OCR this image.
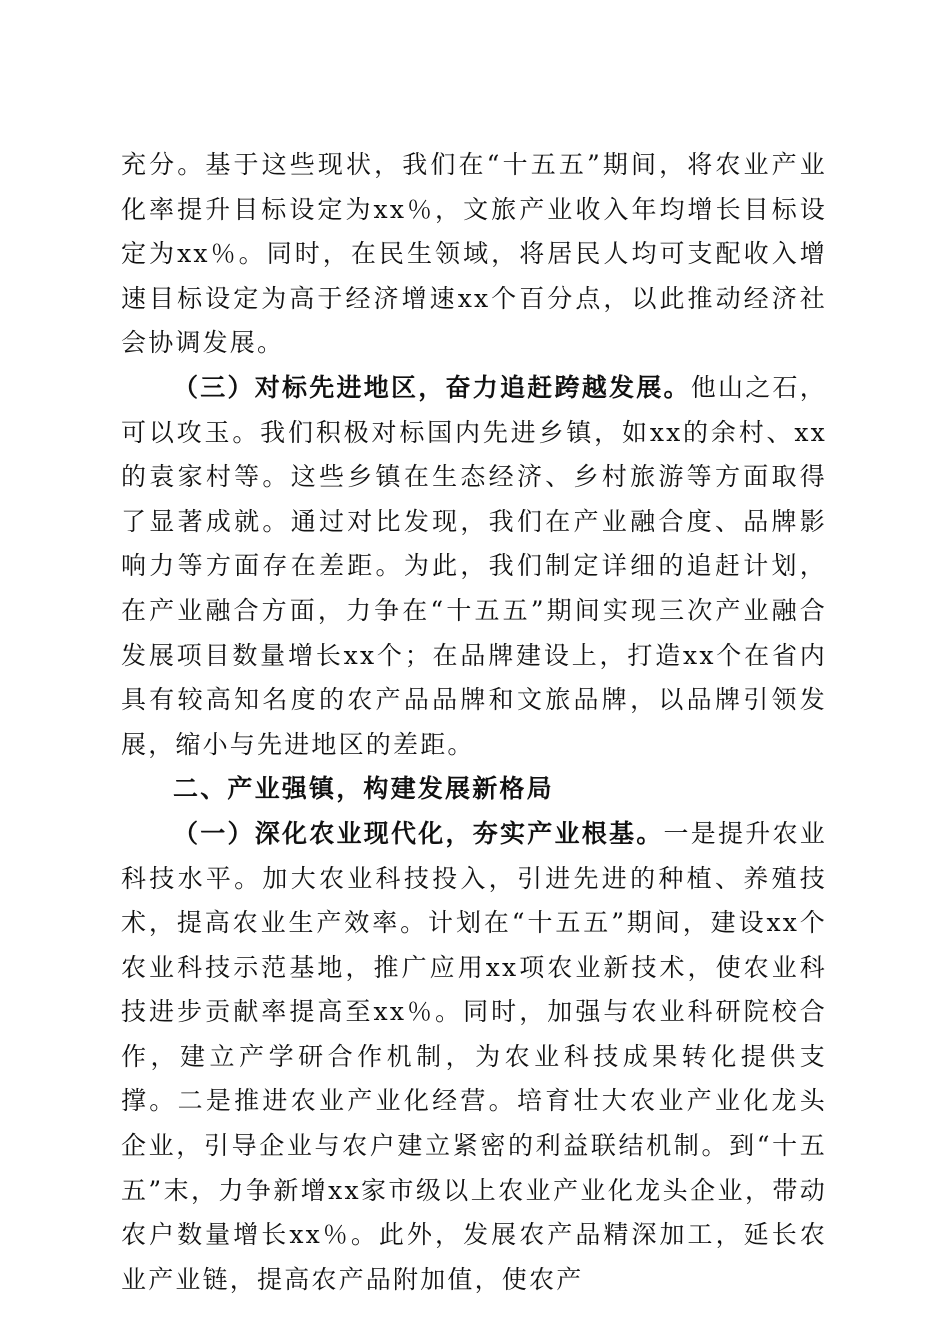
充分。基于这些现状，我们在“十五五”期间，将农业产业化率提升目标设定为xx％，文旅产业收入年均增长目标设定为xx％。同时，在民生领域，将居民人均可支配收入增速目标设定为高于经济增速xx个百分点，以此推动经济社会协调发展。

（三）对标先进地区，奋力追赶跨越发展。他山之石，可以攻玉。我们积极对标国内先进乡镇，如xx的余村、xx的袁家村等。这些乡镇在生态经济、乡村旅游等方面取得了显著成就。通过对比发现，我们在产业融合度、品牌影响力等方面存在差距。为此，我们制定详细的追赶计划，在产业融合方面，力争在“十五五”期间实现三次产业融合发展项目数量增长xx个；在品牌建设上，打造xx个在省内具有较高知名度的农产品品牌和文旅品牌，以品牌引领发展，缩小与先进地区的差距。

二、产业强镇，构建发展新格局

（一）深化农业现代化，夯实产业根基。一是提升农业科技水平。加大农业科技投入，引进先进的种植、养殖技术，提高农业生产效率。计划在“十五五”期间，建设xx个农业科技示范基地，推广应用xx项农业新技术，使农业科技进步贡献率提高至xx％。同时，加强与农业科研院校合作，建立产学研合作机制，为农业科技成果转化提供支撑。二是推进农业产业化经营。培育壮大农业产业化龙头企业，引导企业与农户建立紧密的利益联结机制。到“十五五”末，力争新增xx家市级以上农业产业化龙头企业，带动农户数量增长xx％。此外，发展农产品精深加工，延长农业产业链，提高农产品附加值，使农产
